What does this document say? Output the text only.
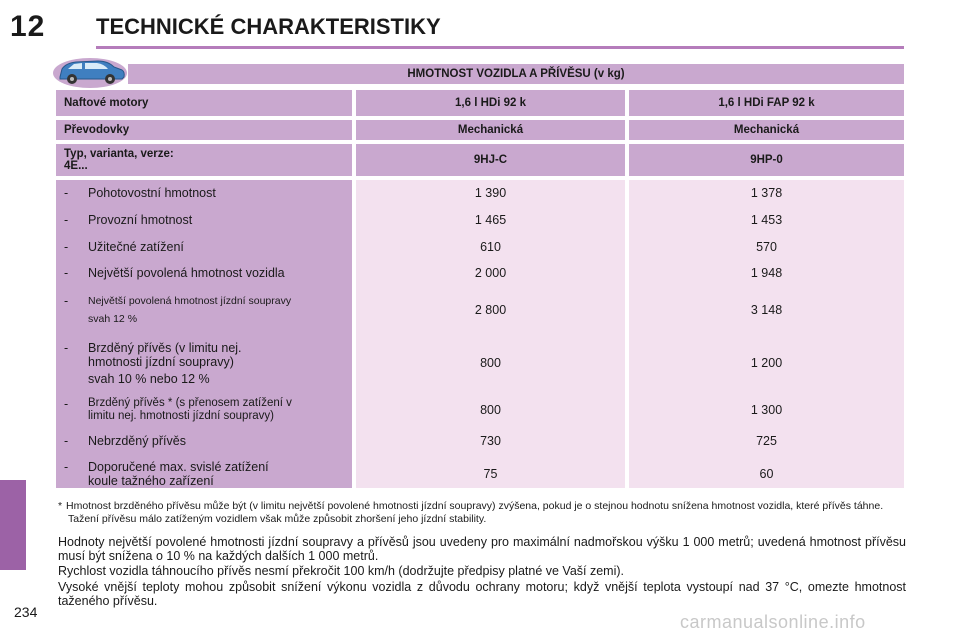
12 TECHNICKÉ CHARAKTERISTIKY
234
HMOTNOST VOZIDLA A PŘÍVĚSU (v kg)
Naftové motory	1,6 l HDi 92 k	1,6 l HDi FAP 92 k
Převodovky	Mechanická	Mechanická
Typ, varianta, verze:
4E...	9HJ-C	9HP-0
-	Pohotovostní hmotnost	1 390	1 378
-	Provozní hmotnost	1 465	1 453
-	Užitečné zatížení	610	570
-	Největší povolená hmotnost vozidla	2 000	1 948
-	Největší povolená hmotnost jízdní soupravy
svah 12 %
2 800	3 148
-	Brzděný přívěs (v limitu nej.
hmotnosti jízdní soupravy)
svah 10 % nebo 12 %
800	1 200
-	Brzděný přívěs * (s přenosem zatížení v
limitu nej. hmotnosti jízdní soupravy)	800	1 300
-	Nebrzděný přívěs	730	725
-	Doporučené max. svislé zatížení
koule tažného zařízení	75	60
* Hmotnost brzděného přívěsu může být (v limitu největší povolené hmotnosti jízdní soupravy) zvýšena, pokud je o stejnou hodnotu snížena hmotnost vozidla, které přívěs táhne. Tažení přívěsu málo zatíženým vozidlem však může způsobit zhoršení jeho jízdní stability.
Hodnoty největší povolené hmotnosti jízdní soupravy a přívěsů jsou uvedeny pro maximální nadmořskou výšku 1 000 metrů; uvedená hmotnost přívěsu musí být snížena o 10 % na každých dalších 1 000 metrů.
Rychlost vozidla táhnoucího přívěs nesmí překročit 100 km/h (dodržujte předpisy platné ve Vaší zemi).
Vysoké vnější teploty mohou způsobit snížení výkonu vozidla z důvodu ochrany motoru; když vnější teplota vystoupí nad 37 °C, omezte hmotnost taženého přívěsu.
carmanualsonline.info
